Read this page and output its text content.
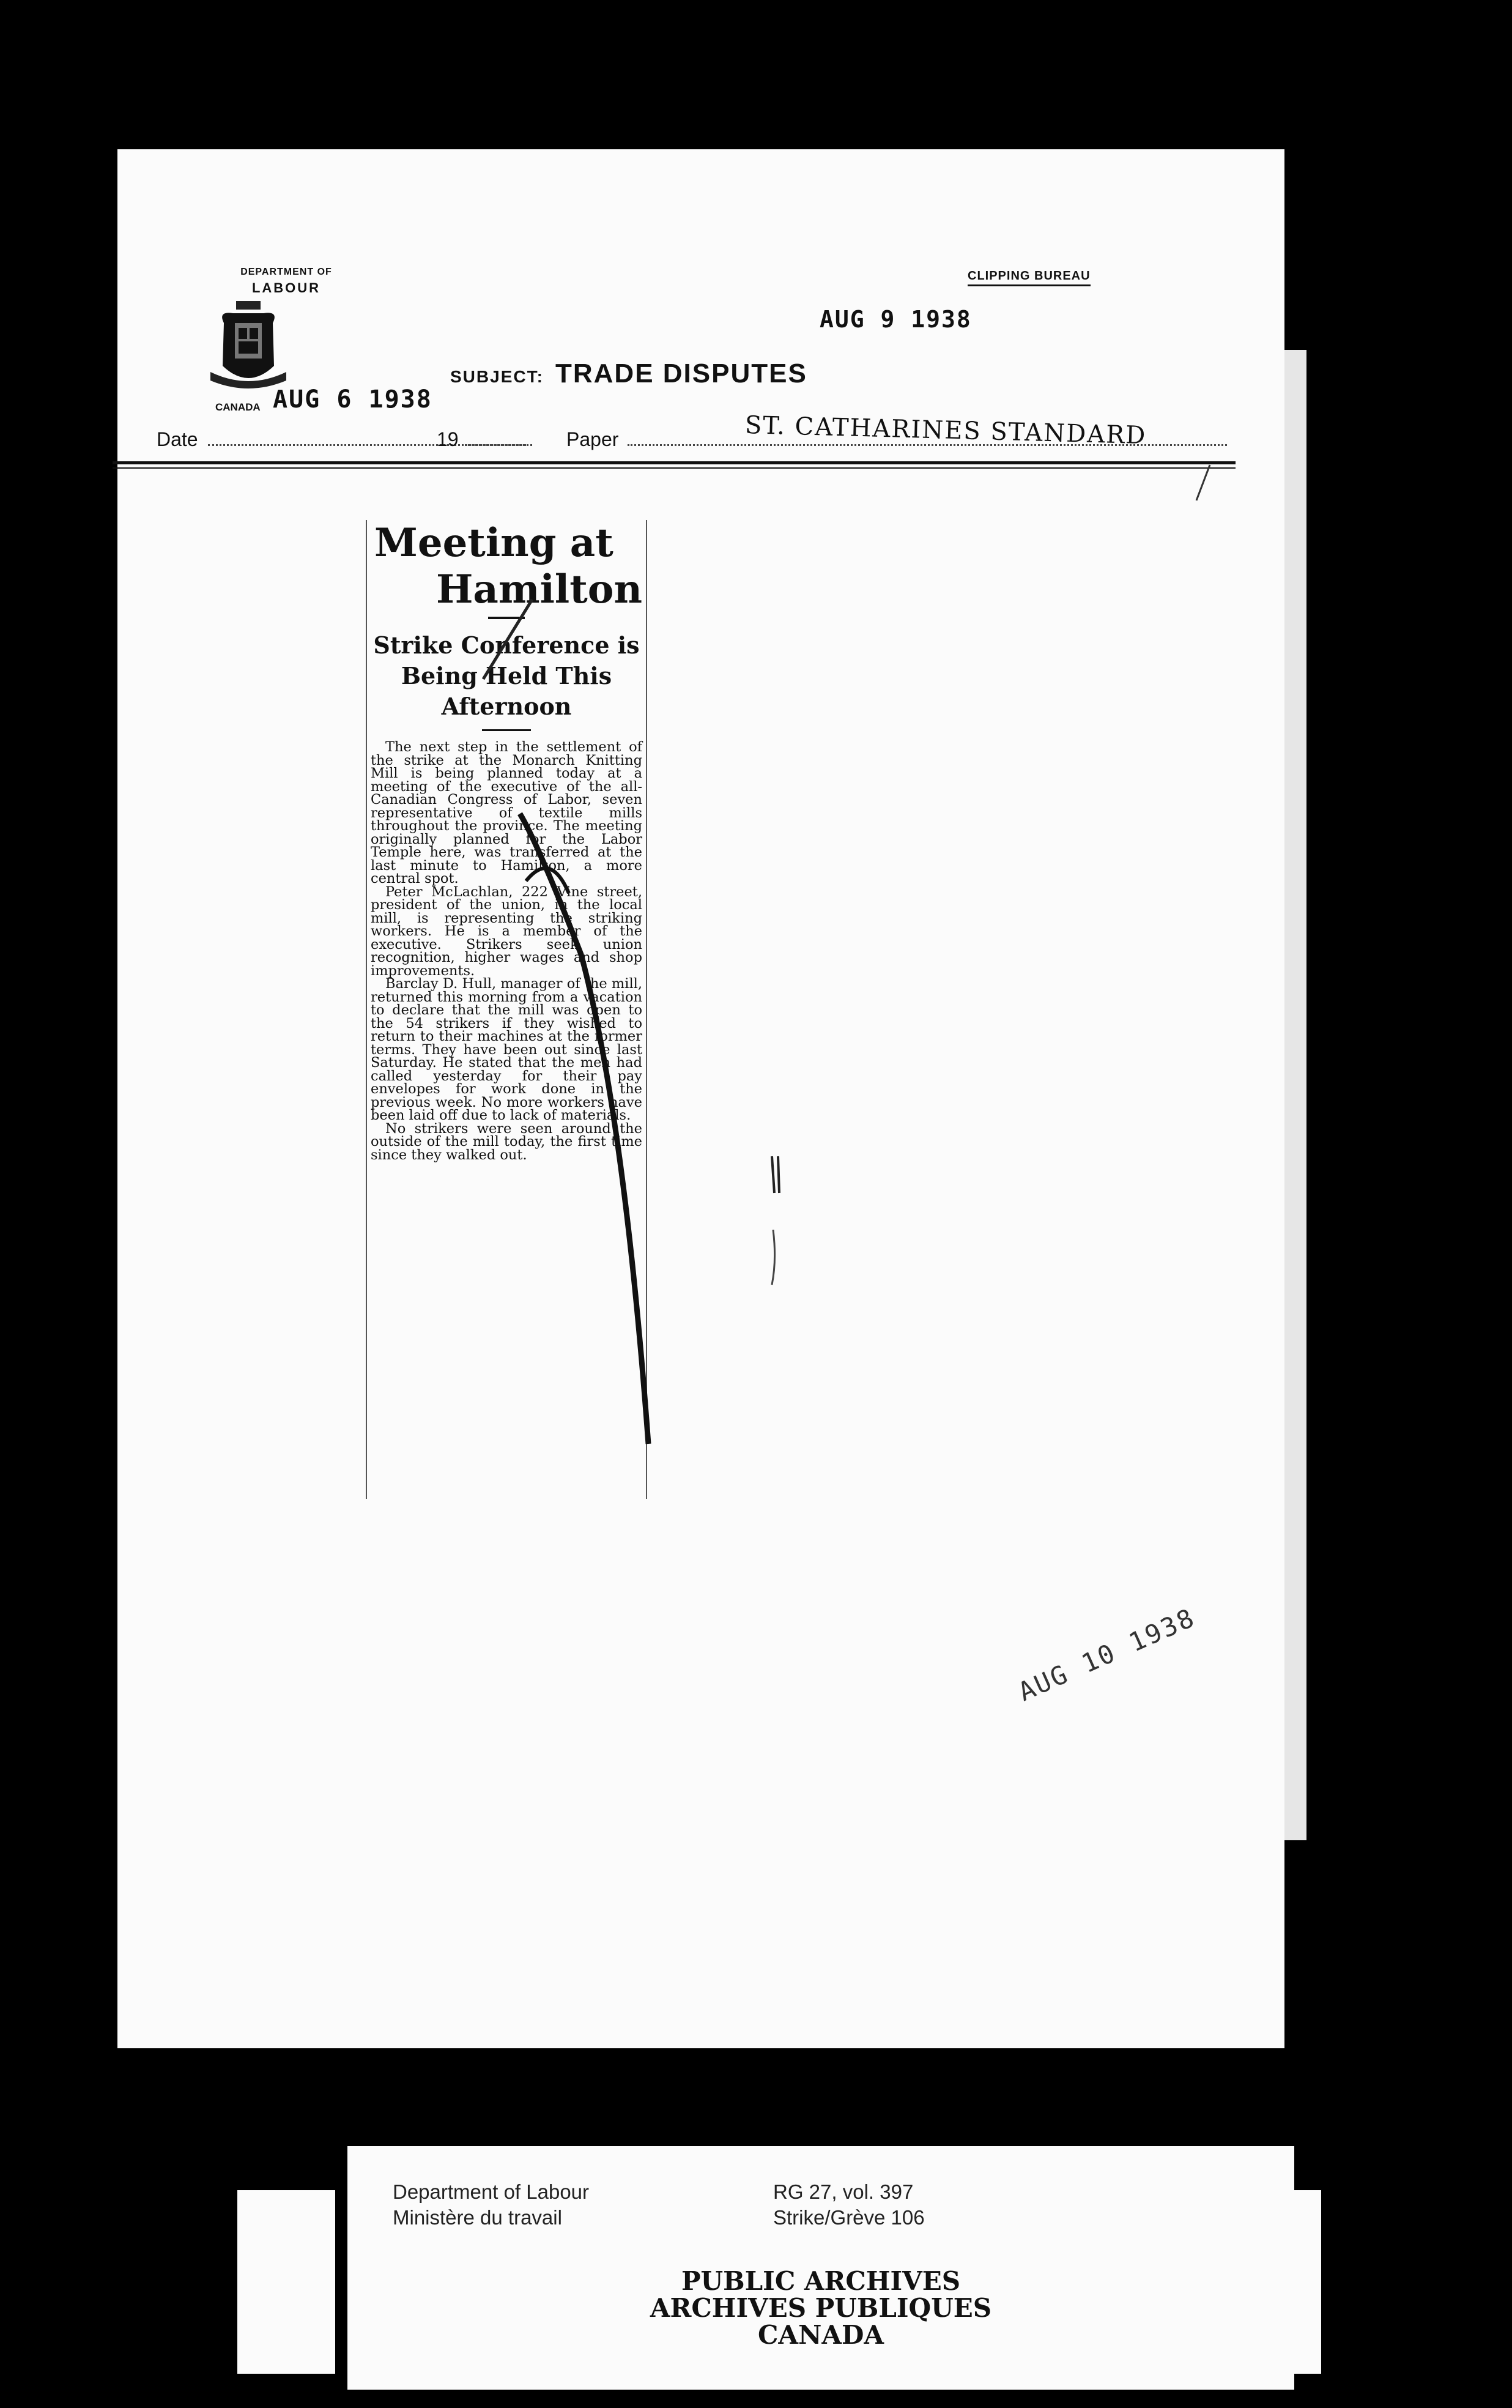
DEPARTMENT OF
LABOUR
CANADA
CLIPPING BUREAU
AUG 9 1938
AUG 6 1938
SUBJECT: TRADE DISPUTES
ST. CATHARINES STANDARD
Date	19	Paper
Meeting at
Hamilton
Strike Conference is
Being Held This
Afternoon

The next step in the settlement of the strike at the Monarch Knitting Mill is being planned today at a meeting of the executive of the all-Canadian Congress of Labor, seven representative of textile mills throughout the province. The meeting originally planned for the Labor Temple here, was transferred at the last minute to Hamilton, a more central spot.

Peter McLachlan, 222 Vine street, president of the union, in the local mill, is representing the striking workers. He is a member of the executive. Strikers seek union recognition, higher wages and shop improvements.

Barclay D. Hull, manager of the mill, returned this morning from a vacation to declare that the mill was open to the 54 strikers if they wished to return to their machines at the former terms. They have been out since last Saturday. He stated that the men had called yesterday for their pay envelopes for work done in the previous week. No more workers have been laid off due to lack of materials.

No strikers were seen around the outside of the mill today, the first time since they walked out.

AUG 10 1938
Department of Labour
Ministère du travail
RG 27, vol. 397
Strike/Grève 106
PUBLIC ARCHIVES
ARCHIVES PUBLIQUES
CANADA
